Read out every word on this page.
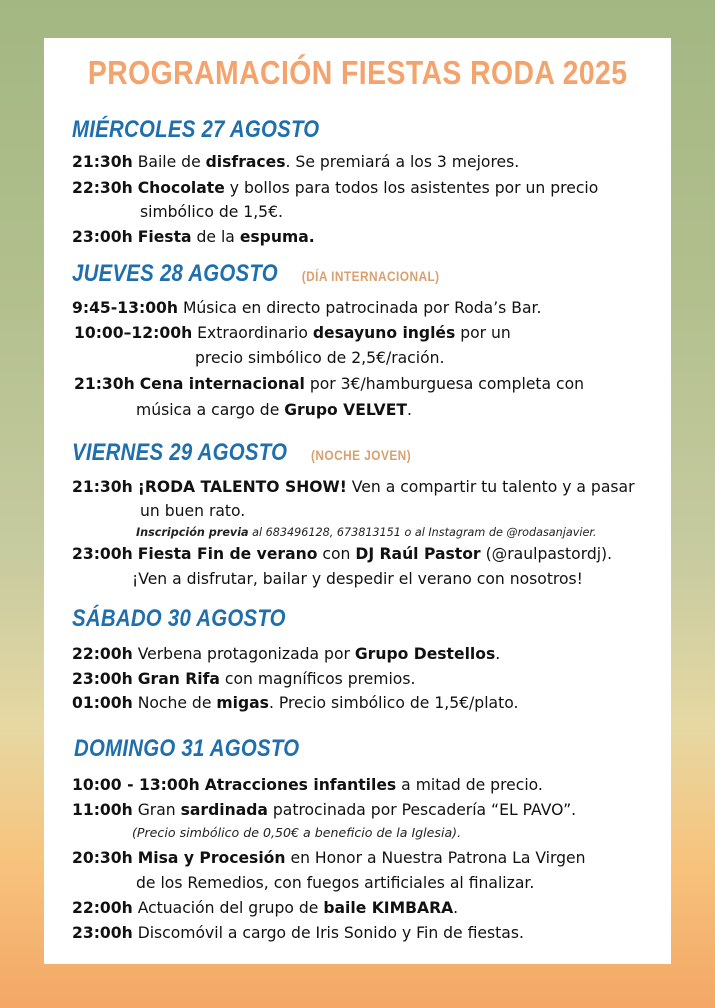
PROGRAMACIÓN FIESTAS RODA 2025
MIÉRCOLES 27 AGOSTO
21:30h Baile de disfraces. Se premiará a los 3 mejores.
22:30h Chocolate y bollos para todos los asistentes por un precio
simbólico de 1,5€.
23:00h Fiesta de la espuma.
JUEVES 28 AGOSTO (DÍA INTERNACIONAL)
9:45-13:00h Música en directo patrocinada por Roda’s Bar.
10:00–12:00h Extraordinario desayuno inglés por un
precio simbólico de 2,5€/ración.
21:30h Cena internacional por 3€/hamburguesa completa con
música a cargo de Grupo VELVET.
VIERNES 29 AGOSTO (NOCHE JOVEN)
21:30h ¡RODA TALENTO SHOW! Ven a compartir tu talento y a pasar
un buen rato.
Inscripción previa al 683496128, 673813151 o al Instagram de @rodasanjavier.
23:00h Fiesta Fin de verano con DJ Raúl Pastor (@raulpastordj).
¡Ven a disfrutar, bailar y despedir el verano con nosotros!
SÁBADO 30 AGOSTO
22:00h Verbena protagonizada por Grupo Destellos.
23:00h Gran Rifa con magníficos premios.
01:00h Noche de migas. Precio simbólico de 1,5€/plato.
DOMINGO 31 AGOSTO
10:00 - 13:00h Atracciones infantiles a mitad de precio.
11:00h Gran sardinada patrocinada por Pescadería “EL PAVO”.
(Precio simbólico de 0,50€ a beneficio de la Iglesia).
20:30h Misa y Procesión en Honor a Nuestra Patrona La Virgen
de los Remedios, con fuegos artificiales al finalizar.
22:00h Actuación del grupo de baile KIMBARA.
23:00h Discomóvil a cargo de Iris Sonido y Fin de fiestas.
